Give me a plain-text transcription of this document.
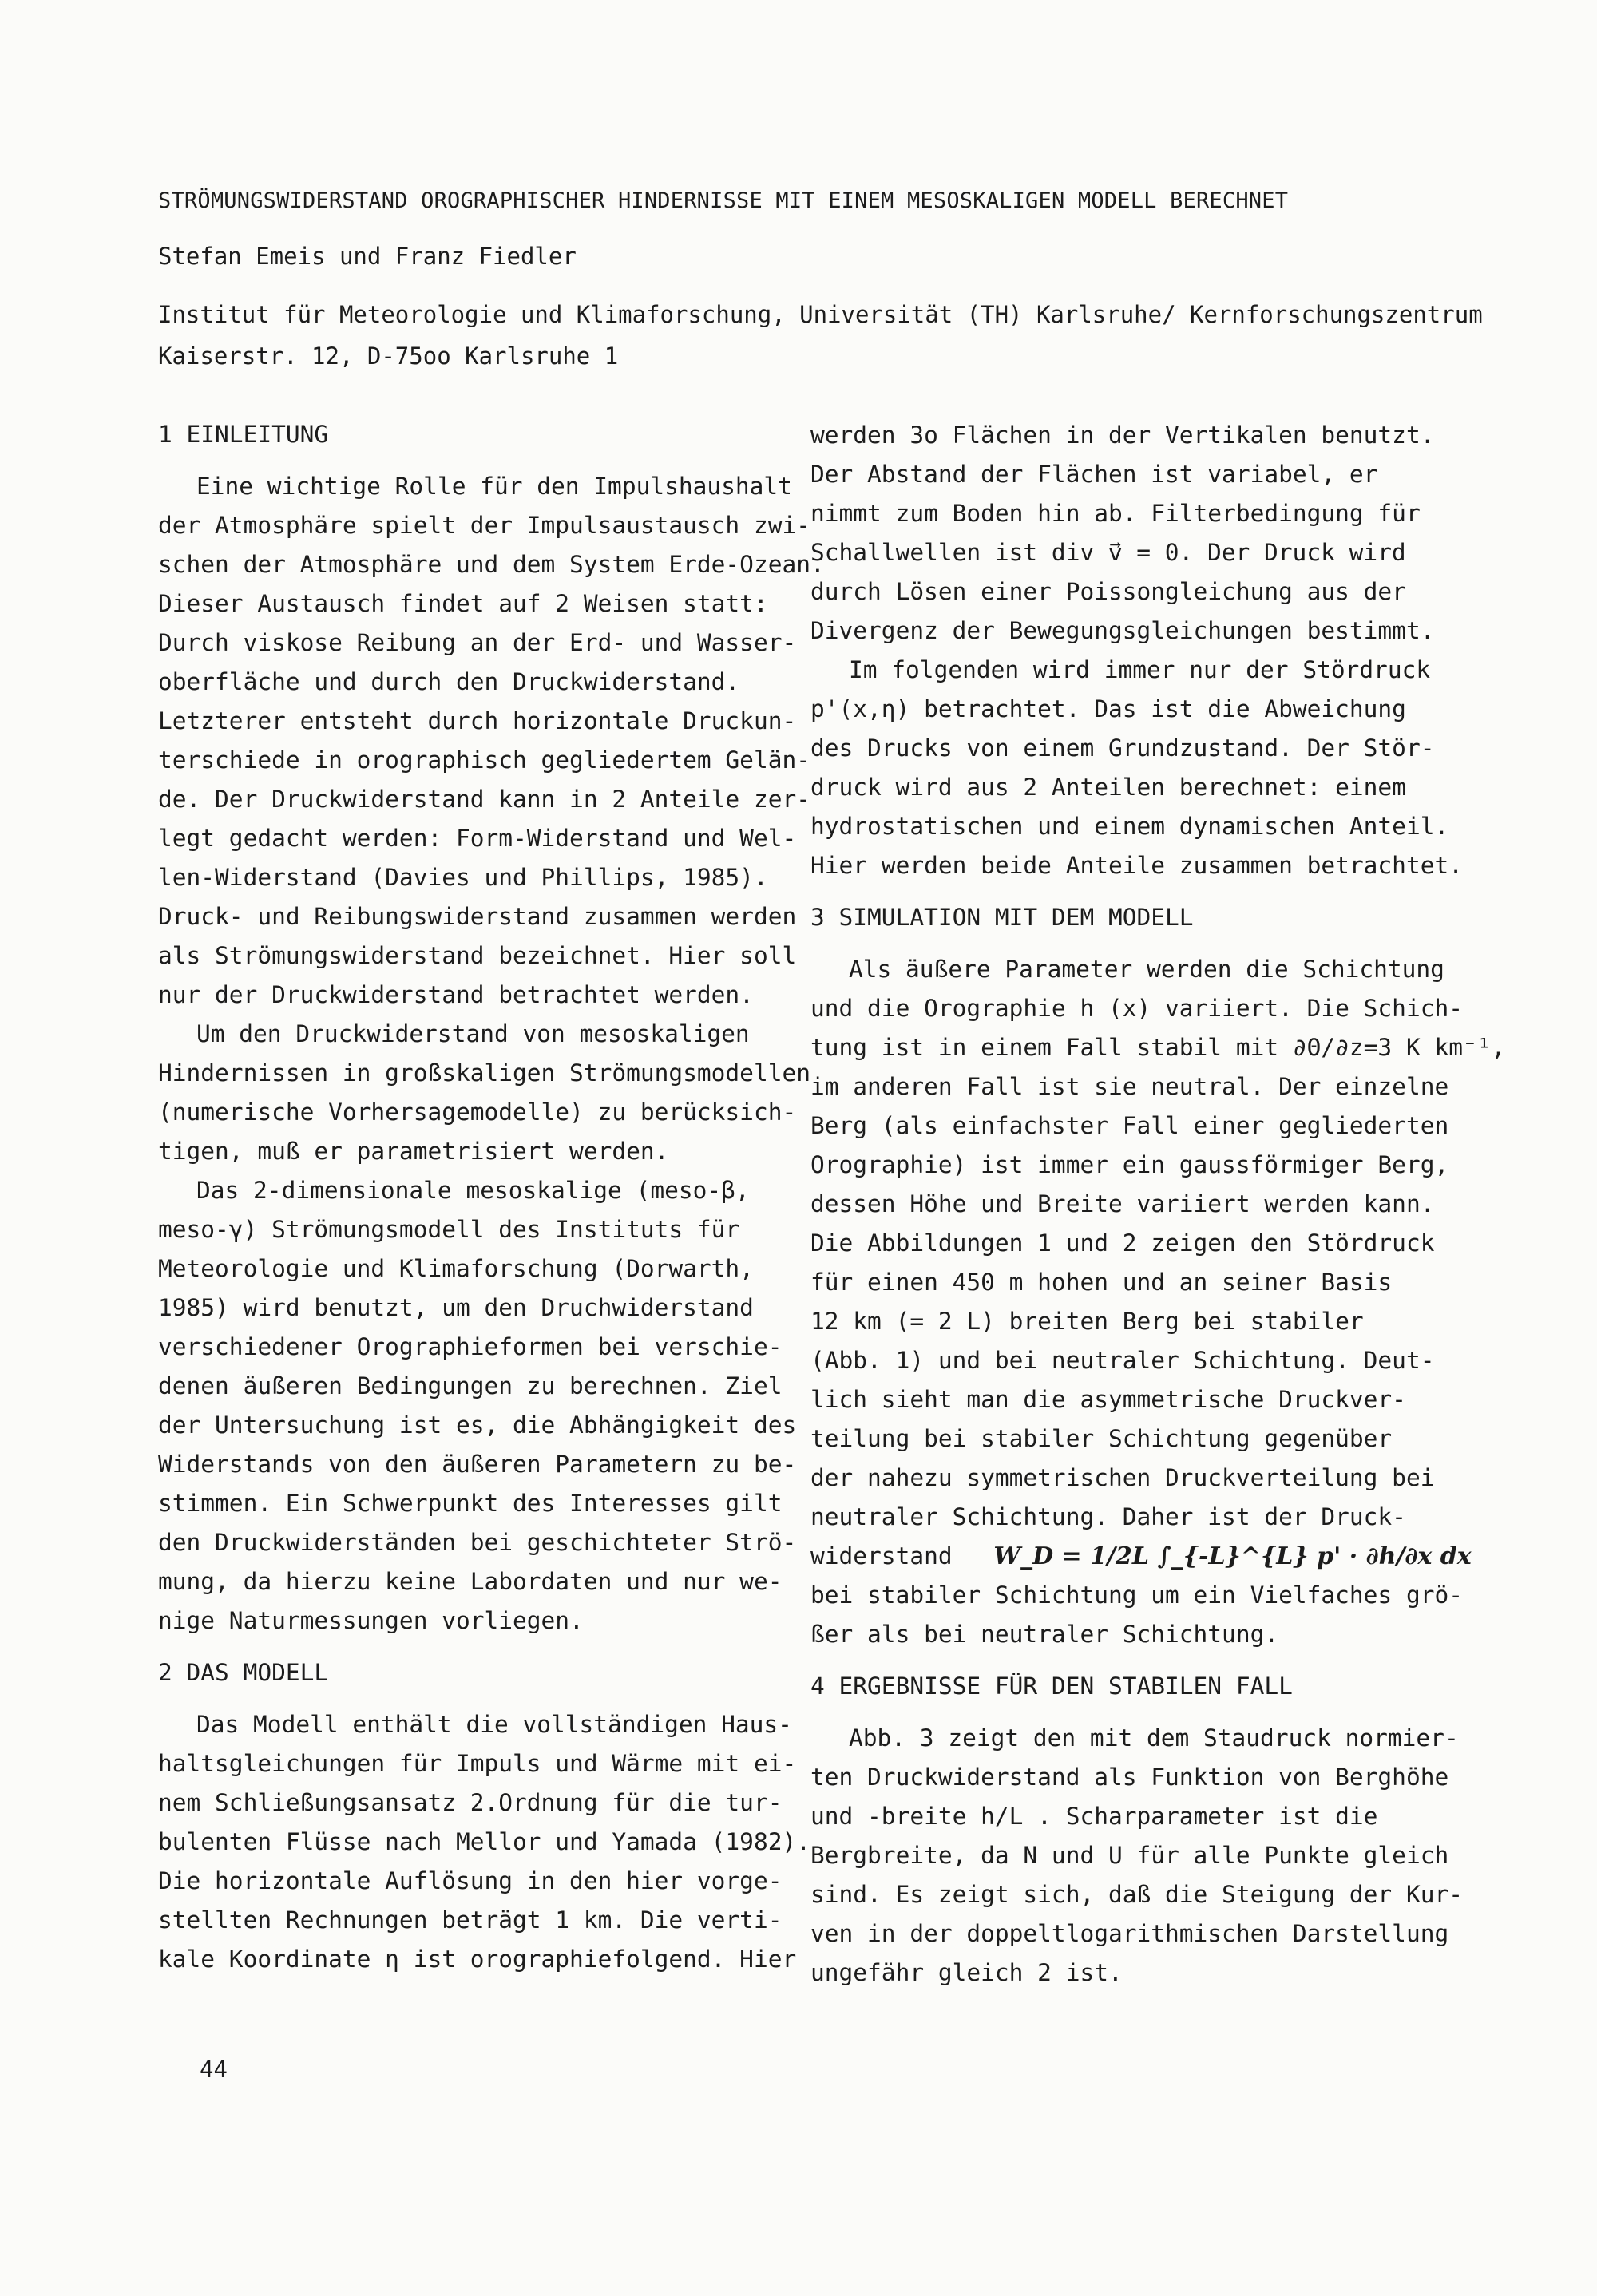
STRÖMUNGSWIDERSTAND OROGRAPHISCHER HINDERNISSE MIT EINEM MESOSKALIGEN MODELL BERECHNET
Stefan Emeis und Franz Fiedler
Institut für Meteorologie und Klimaforschung, Universität (TH) Karlsruhe/ Kernforschungszentrum
Kaiserstr. 12, D-75oo Karlsruhe 1
1 EINLEITUNG
Eine wichtige Rolle für den Impulshaushalt
der Atmosphäre spielt der Impulsaustausch zwi-
schen der Atmosphäre und dem System Erde-Ozean.
Dieser Austausch findet auf 2 Weisen statt:
Durch viskose Reibung an der Erd- und Wasser-
oberfläche und durch den Druckwiderstand.
Letzterer entsteht durch horizontale Druckun-
terschiede in orographisch gegliedertem Gelän-
de. Der Druckwiderstand kann in 2 Anteile zer-
legt gedacht werden: Form-Widerstand und Wel-
len-Widerstand (Davies und Phillips, 1985).
Druck- und Reibungswiderstand zusammen werden
als Strömungswiderstand bezeichnet. Hier soll
nur der Druckwiderstand betrachtet werden.
Um den Druckwiderstand von mesoskaligen
Hindernissen in großskaligen Strömungsmodellen
(numerische Vorhersagemodelle) zu berücksich-
tigen, muß er parametrisiert werden.
Das 2-dimensionale mesoskalige (meso-β,
meso-γ) Strömungsmodell des Instituts für
Meteorologie und Klimaforschung (Dorwarth,
1985) wird benutzt, um den Druchwiderstand
verschiedener Orographieformen bei verschie-
denen äußeren Bedingungen zu berechnen. Ziel
der Untersuchung ist es, die Abhängigkeit des
Widerstands von den äußeren Parametern zu be-
stimmen. Ein Schwerpunkt des Interesses gilt
den Druckwiderständen bei geschichteter Strö-
mung, da hierzu keine Labordaten und nur we-
nige Naturmessungen vorliegen.
2 DAS MODELL
Das Modell enthält die vollständigen Haus-
haltsgleichungen für Impuls und Wärme mit ei-
nem Schließungsansatz 2.Ordnung für die tur-
bulenten Flüsse nach Mellor und Yamada (1982).
Die horizontale Auflösung in den hier vorge-
stellten Rechnungen beträgt 1 km. Die verti-
kale Koordinate η ist orographiefolgend. Hier
werden 3o Flächen in der Vertikalen benutzt.
Der Abstand der Flächen ist variabel, er
nimmt zum Boden hin ab. Filterbedingung für
Schallwellen ist div v⃗ = 0. Der Druck wird
durch Lösen einer Poissongleichung aus der
Divergenz der Bewegungsgleichungen bestimmt.
Im folgenden wird immer nur der Stördruck
p'(x,η) betrachtet. Das ist die Abweichung
des Drucks von einem Grundzustand. Der Stör-
druck wird aus 2 Anteilen berechnet: einem
hydrostatischen und einem dynamischen Anteil.
Hier werden beide Anteile zusammen betrachtet.
3 SIMULATION MIT DEM MODELL
Als äußere Parameter werden die Schichtung
und die Orographie h (x) variiert. Die Schich-
tung ist in einem Fall stabil mit ∂Θ/∂z=3 K km⁻¹,
im anderen Fall ist sie neutral. Der einzelne
Berg (als einfachster Fall einer gegliederten
Orographie) ist immer ein gaussförmiger Berg,
dessen Höhe und Breite variiert werden kann.
Die Abbildungen 1 und 2 zeigen den Stördruck
für einen 450 m hohen und an seiner Basis
12 km (= 2 L) breiten Berg bei stabiler
(Abb. 1) und bei neutraler Schichtung. Deut-
lich sieht man die asymmetrische Druckver-
teilung bei stabiler Schichtung gegenüber
der nahezu symmetrischen Druckverteilung bei
neutraler Schichtung. Daher ist der Druck-
widerstand W_D = 1/2L ∫_{-L}^{L} p' · ∂h/∂x dx
bei stabiler Schichtung um ein Vielfaches grö-
ßer als bei neutraler Schichtung.
4 ERGEBNISSE FÜR DEN STABILEN FALL
Abb. 3 zeigt den mit dem Staudruck normier-
ten Druckwiderstand als Funktion von Berghöhe
und -breite h/L . Scharparameter ist die
Bergbreite, da N und U für alle Punkte gleich
sind. Es zeigt sich, daß die Steigung der Kur-
ven in der doppeltlogarithmischen Darstellung
ungefähr gleich 2 ist.
44
